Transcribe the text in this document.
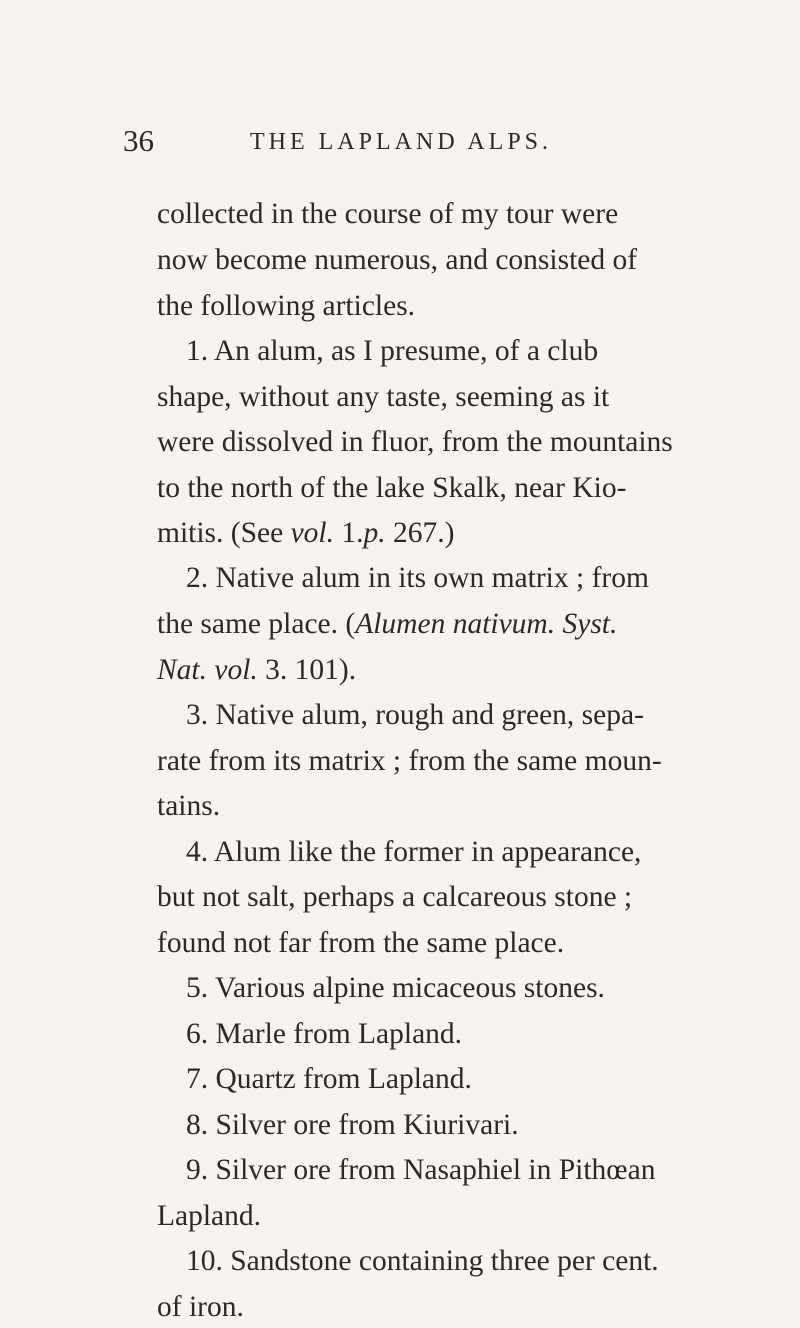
36	THE LAPLAND ALPS.
collected in the course of my tour were
now become numerous, and consisted of
the following articles.
1. An alum, as I presume, of a club
shape, without any taste, seeming as it
were dissolved in fluor, from the mountains
to the north of the lake Skalk, near Kio-
mitis. (See vol. 1.p. 267.)
2. Native alum in its own matrix ; from
the same place. (Alumen nativum. Syst.
Nat. vol. 3. 101).
3. Native alum, rough and green, sepa-
rate from its matrix ; from the same moun-
tains.
4. Alum like the former in appearance,
but not salt, perhaps a calcareous stone ;
found not far from the same place.
5. Various alpine micaceous stones.
6. Marle from Lapland.
7. Quartz from Lapland.
8. Silver ore from Kiurivari.
9. Silver ore from Nasaphiel in Pithœan
Lapland.
10. Sandstone containing three per cent.
of iron.
